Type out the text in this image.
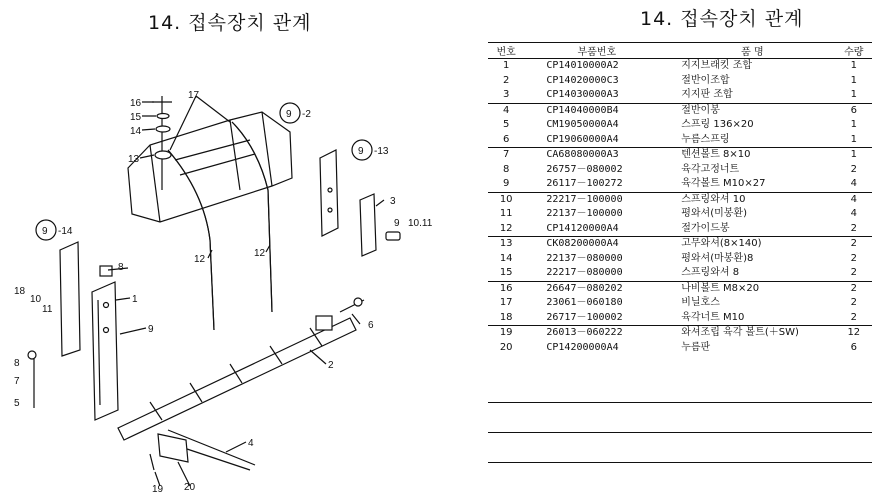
14. 접속장치 관계	14. 접속장치 관계
9 -2
9 -13
9 -14
16
15
14
13
17
12
12
3
9 10.11
8
1
9
18
10
11
8
7
5
6
2
4
19 20
번호	부품번호	품 명	수량
1	CP14010000A2	지지브래킷 조합	1
2	CP14020000C3	절반이조합	1
3	CP14030000A3	지지판 조합	1
4	CP14040000B4	절반이봉	6
5	CM19050000A4	스프링 136×20	1
6	CP19060000A4	누름스프링	1
7	CA68080000A3	텐션볼트 8×10	1
8	26757－080002	육각고정너트	2
9	26117－100272	육각볼트 M10×27	4
10	22217－100000	스프링와셔 10	4
11	22137－100000	평와셔(미봉환)	4
12	CP14120000A4	절가이드봉	2
13	CK08200000A4	고무와셔(8×140)	2
14	22137－080000	평와셔(마봉환)8	2
15	22217－080000	스프링와셔 8	2
16	26647－080202	나비볼트 M8×20	2
17	23061－060180	비닐호스	2
18	26717－100002	육각너트 M10	2
19	26013－060222	와셔조립 육각 볼트(＋SW)	12
20	CP14200000A4	누름판	6
